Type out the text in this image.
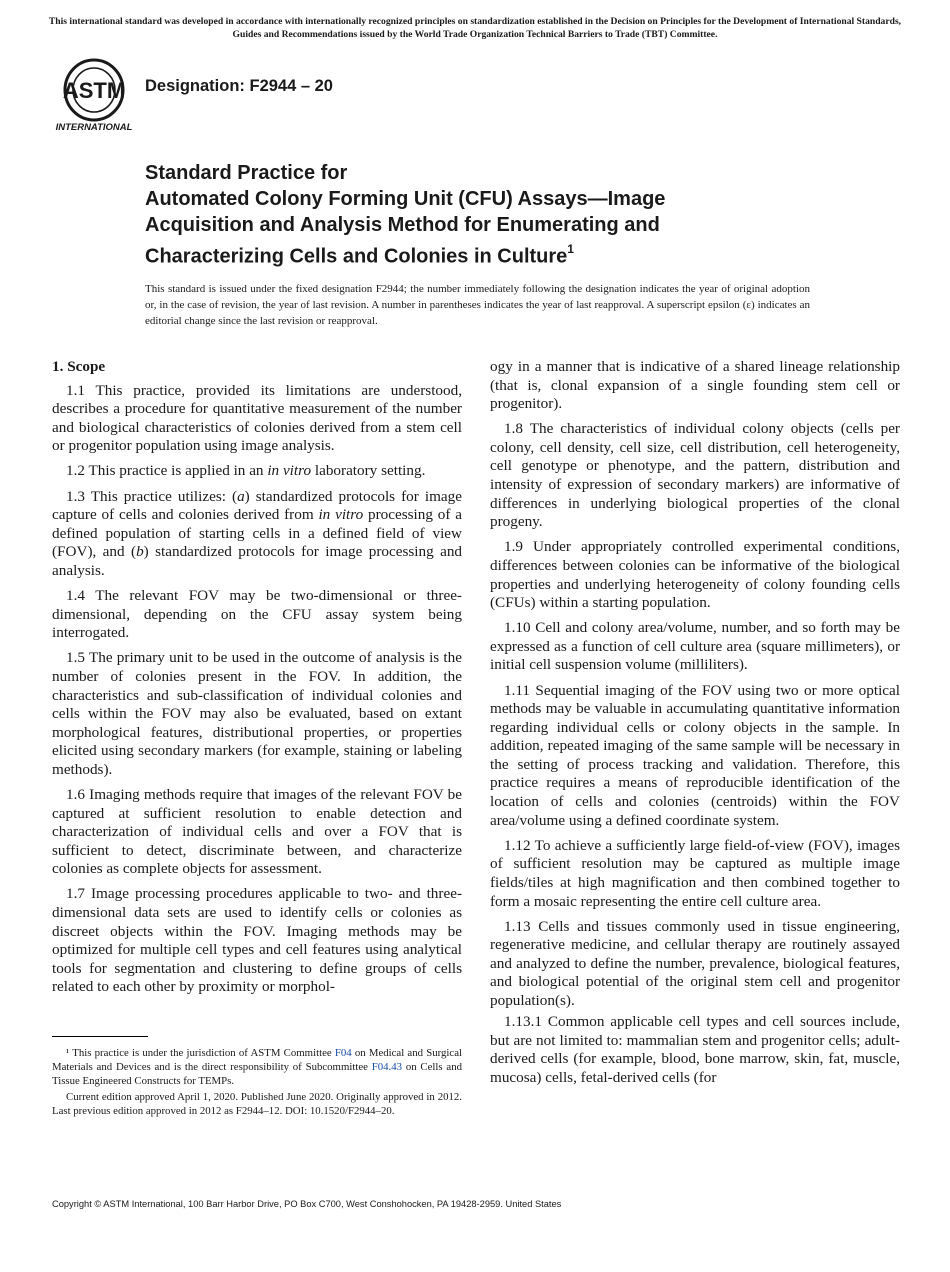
This international standard was developed in accordance with internationally recognized principles on standardization established in the Decision on Principles for the Development of International Standards, Guides and Recommendations issued by the World Trade Organization Technical Barriers to Trade (TBT) Committee.
ASTM
INTERNATIONAL
Designation: F2944 – 20
Standard Practice for
Automated Colony Forming Unit (CFU) Assays—Image
Acquisition and Analysis Method for Enumerating and
Characterizing Cells and Colonies in Culture$^1$
This standard is issued under the fixed designation F2944; the number immediately following the designation indicates the year of original adoption or, in the case of revision, the year of last revision. A number in parentheses indicates the year of last reapproval. A superscript epsilon (ε) indicates an editorial change since the last revision or reapproval.
1. Scope

1.1 This practice, provided its limitations are understood, describes a procedure for quantitative measurement of the number and biological characteristics of colonies derived from a stem cell or progenitor population using image analysis.

1.2 This practice is applied in an in vitro laboratory setting.

1.3 This practice utilizes: (a) standardized protocols for image capture of cells and colonies derived from in vitro processing of a defined population of starting cells in a defined field of view (FOV), and (b) standardized protocols for image processing and analysis.

1.4 The relevant FOV may be two-dimensional or three-dimensional, depending on the CFU assay system being interrogated.

1.5 The primary unit to be used in the outcome of analysis is the number of colonies present in the FOV. In addition, the characteristics and sub-classification of individual colonies and cells within the FOV may also be evaluated, based on extant morphological features, distributional properties, or properties elicited using secondary markers (for example, staining or labeling methods).

1.6 Imaging methods require that images of the relevant FOV be captured at sufficient resolution to enable detection and characterization of individual cells and over a FOV that is sufficient to detect, discriminate between, and characterize colonies as complete objects for assessment.

1.7 Image processing procedures applicable to two- and three-dimensional data sets are used to identify cells or colonies as discreet objects within the FOV. Imaging methods may be optimized for multiple cell types and cell features using analytical tools for segmentation and clustering to define groups of cells related to each other by proximity or morphol-

ogy in a manner that is indicative of a shared lineage relationship (that is, clonal expansion of a single founding stem cell or progenitor).

1.8 The characteristics of individual colony objects (cells per colony, cell density, cell size, cell distribution, cell heterogeneity, cell genotype or phenotype, and the pattern, distribution and intensity of expression of secondary markers) are informative of differences in underlying biological properties of the clonal progeny.

1.9 Under appropriately controlled experimental conditions, differences between colonies can be informative of the biological properties and underlying heterogeneity of colony founding cells (CFUs) within a starting population.

1.10 Cell and colony area/volume, number, and so forth may be expressed as a function of cell culture area (square millimeters), or initial cell suspension volume (milliliters).

1.11 Sequential imaging of the FOV using two or more optical methods may be valuable in accumulating quantitative information regarding individual cells or colony objects in the sample. In addition, repeated imaging of the same sample will be necessary in the setting of process tracking and validation. Therefore, this practice requires a means of reproducible identification of the location of cells and colonies (centroids) within the FOV area/volume using a defined coordinate system.

1.12 To achieve a sufficiently large field-of-view (FOV), images of sufficient resolution may be captured as multiple image fields/tiles at high magnification and then combined together to form a mosaic representing the entire cell culture area.

1.13 Cells and tissues commonly used in tissue engineering, regenerative medicine, and cellular therapy are routinely assayed and analyzed to define the number, prevalence, biological features, and biological potential of the original stem cell and progenitor population(s).

1.13.1 Common applicable cell types and cell sources include, but are not limited to: mammalian stem and progenitor cells; adult-derived cells (for example, blood, bone marrow, skin, fat, muscle, mucosa) cells, fetal-derived cells (for

¹ This practice is under the jurisdiction of ASTM Committee F04 on Medical and Surgical Materials and Devices and is the direct responsibility of Subcommittee F04.43 on Cells and Tissue Engineered Constructs for TEMPs.

Current edition approved April 1, 2020. Published June 2020. Originally approved in 2012. Last previous edition approved in 2012 as F2944–12. DOI: 10.1520/F2944–20.

Copyright © ASTM International, 100 Barr Harbor Drive, PO Box C700, West Conshohocken, PA 19428-2959. United States
